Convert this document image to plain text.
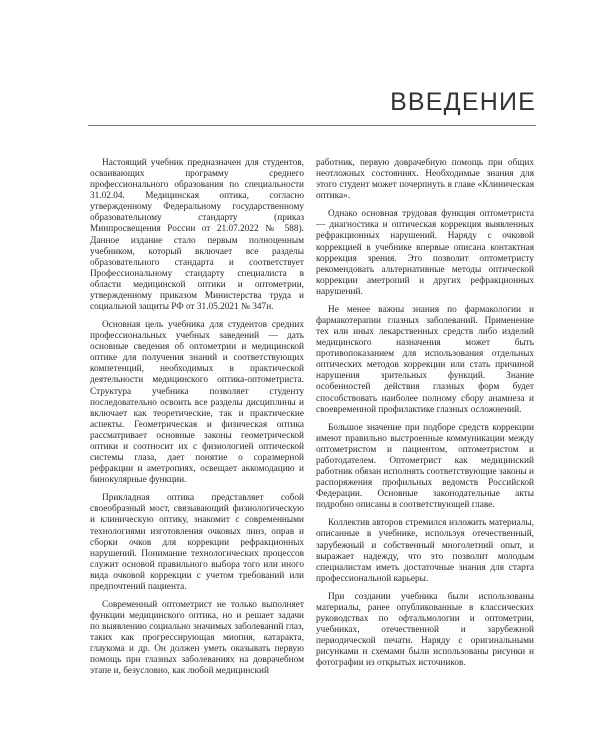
ВВЕДЕНИЕ

Настоящий учебник предназначен для студентов, осваивающих программу среднего профессионального образования по специальности 31.02.04. Медицинская оптика, согласно утвержденному Федеральному государственному образовательному стандарту (приказ Минпросвещения России от 21.07.2022 № 588). Данное издание стало первым полноценным учебником, который включает все разделы образовательного стандарта и соответствует Профессиональному стандарту специалиста в области медицинской оптики и оптометрии, утвержденному приказом Министерства труда и социальной защиты РФ от 31.05.2021 № 347н.

Основная цель учебника для студентов средних профессиональных учебных заведений — дать основные сведения об оптометрии и медицинской оптике для получения знаний и соответствующих компетенций, необходимых в практической деятельности медицинского оптика-оптометриста. Структура учебника позволяет студенту последовательно освоить все разделы дисциплины и включает как теоретические, так и практические аспекты. Геометрическая и физическая оптика рассматривает основные законы геометрической оптики и соотносит их с физиологией оптической системы глаза, дает понятие о соразмерной рефракции и аметропиях, освещает аккомодацию и бинокулярные функции.

Прикладная оптика представляет собой своеобразный мост, связывающий физиологическую и клиническую оптику, знакомит с современными технологиями изготовления очковых линз, оправ и сборки очков для коррекции рефракционных нарушений. Понимание технологических процессов служит основой правильного выбора того или иного вида очковой коррекции с учетом требований или предпочтений пациента.

Современный оптометрист не только выполняет функции медицинского оптика, но и решает задачи по выявлению социально значимых заболеваний глаз, таких как прогрессирующая миопия, катаракта, глаукома и др. Он должен уметь оказывать первую помощь при глазных заболеваниях на доврачебном этапе и, безусловно, как любой медицинский

работник, первую доврачебную помощь при общих неотложных состояниях. Необходимые знания для этого студент может почерпнуть в главе «Клиническая оптика».

Однако основная трудовая функция оптометриста — диагностика и оптическая коррекция выявленных рефракционных нарушений. Наряду с очковой коррекцией в учебнике впервые описана контактная коррекция зрения. Это позволит оптометристу рекомендовать альтернативные методы оптической коррекции аметропий и других рефракционных нарушений.

Не менее важны знания по фармакологии и фармакотерапии глазных заболеваний. Применение тех или иных лекарственных средств либо изделий медицинского назначения может быть противопоказанием для использования отдельных оптических методов коррекции или стать причиной нарушения зрительных функций. Знание особенностей действия глазных форм будет способствовать наиболее полному сбору анамнеза и своевременной профилактике глазных осложнений.

Большое значение при подборе средств коррекции имеют правильно выстроенные коммуникации между оптометристом и пациентом, оптометристом и работодателем. Оптометрист как медицинский работник обязан исполнять соответствующие законы и распоряжения профильных ведомств Российской Федерации. Основные законодательные акты подробно описаны в соответствующей главе.

Коллектив авторов стремился изложить материалы, описанные в учебнике, используя отечественный, зарубежный и собственный многолетний опыт, и выражает надежду, что это позволит молодым специалистам иметь достаточные знания для старта профессиональной карьеры.

При создании учебника были использованы материалы, ранее опубликованные в классических руководствах по офтальмологии и оптометрии, учебниках, отечественной и зарубежной периодической печати. Наряду с оригинальными рисунками и схемами были использованы рисунки и фотографии из открытых источников.
